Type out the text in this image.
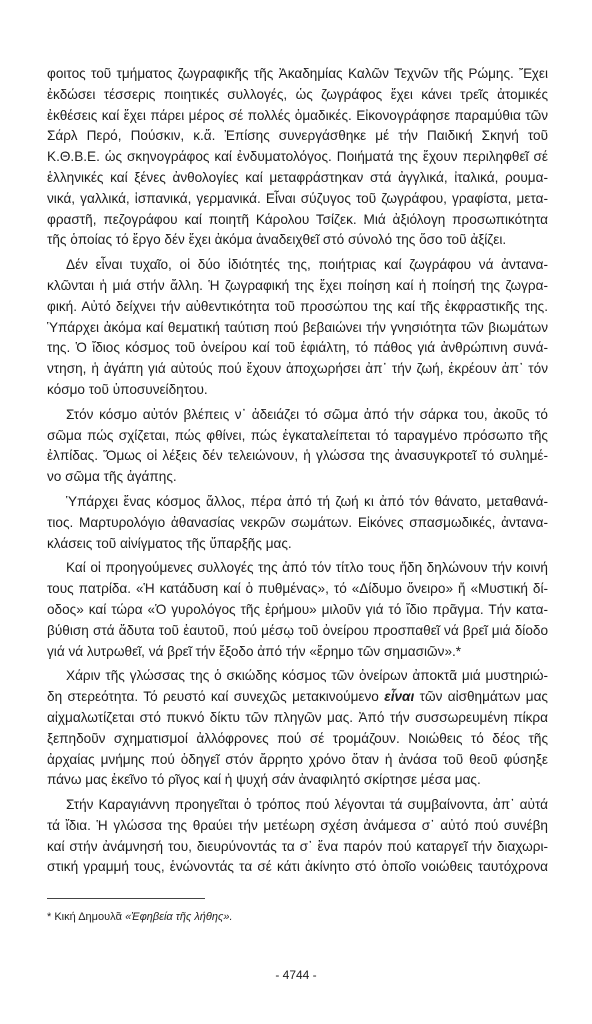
φοιτος τοῦ τμήματος ζωγραφικῆς τῆς Ἀκαδημίας Καλῶν Τεχνῶν τῆς Ρώμης. Ἔχει
ἐκδώσει τέσσερις ποιητικές συλλογές, ὡς ζωγράφος ἔχει κάνει τρεῖς ἀτομικές
ἐκθέσεις καί ἔχει πάρει μέρος σέ πολλές ὁμαδικές. Εἰκονογράφησε παραμύθια τῶν
Σάρλ Περό, Πούσκιν, κ.ἄ. Ἐπίσης συνεργάσθηκε μέ τήν Παιδική Σκηνή τοῦ
Κ.Θ.Β.Ε. ὡς σκηνογράφος καί ἐνδυματολόγος. Ποιήματά της ἔχουν περιληφθεῖ σέ
ἑλληνικές καί ξένες ἀνθολογίες καί μεταφράστηκαν στά ἀγγλικά, ἰταλικά, ρουμα-
νικά, γαλλικά, ἱσπανικά, γερμανικά. Εἶναι σύζυγος τοῦ ζωγράφου, γραφίστα, μετα-
φραστῆ, πεζογράφου καί ποιητῆ Κάρολου Τσίζεκ. Μιά ἀξιόλογη προσωπικότητα
τῆς ὁποίας τό ἔργο δέν ἔχει ἀκόμα ἀναδειχθεῖ στό σύνολό της ὅσο τοῦ ἀξίζει.
Δέν εἶναι τυχαῖο, οἱ δύο ἰδιότητές της, ποιήτριας καί ζωγράφου νά ἀντανα-
κλῶνται ἡ μιά στήν ἄλλη. Ἡ ζωγραφική της ἔχει ποίηση καί ἡ ποίησή της ζωγρα-
φική. Αὐτό δείχνει τήν αὐθεντικότητα τοῦ προσώπου της καί τῆς ἐκφραστικῆς της.
Ὑπάρχει ἀκόμα καί θεματική ταύτιση πού βεβαιώνει τήν γνησιότητα τῶν βιωμάτων
της. Ὁ ἴδιος κόσμος τοῦ ὀνείρου καί τοῦ ἐφιάλτη, τό πάθος γιά ἀνθρώπινη συνά-
ντηση, ἡ ἀγάπη γιά αὐτούς πού ἔχουν ἀποχωρήσει ἀπ᾽ τήν ζωή, ἐκρέουν ἀπ᾽ τόν
κόσμο τοῦ ὑποσυνείδητου.
Στόν κόσμο αὐτόν βλέπεις ν᾽ ἀδειάζει τό σῶμα ἀπό τήν σάρκα του, ἀκοῦς τό
σῶμα πώς σχίζεται, πώς φθίνει, πώς ἐγκαταλείπεται τό ταραγμένο πρόσωπο τῆς
ἐλπίδας. Ὅμως οἱ λέξεις δέν τελειώνουν, ἡ γλώσσα της ἀνασυγκροτεῖ τό συλημέ-
νο σῶμα τῆς ἀγάπης.
Ὑπάρχει ἕνας κόσμος ἄλλος, πέρα ἀπό τή ζωή κι ἀπό τόν θάνατο, μεταθανά-
τιος. Μαρτυρολόγιο ἀθανασίας νεκρῶν σωμάτων. Εἰκόνες σπασμωδικές, ἀντανα-
κλάσεις τοῦ αἰνίγματος τῆς ὕπαρξῆς μας.
Καί οἱ προηγούμενες συλλογές της ἀπό τόν τίτλο τους ἤδη δηλώνουν τήν κοινή
τους πατρίδα. «Ἡ κατάδυση καί ὁ πυθμένας», τό «Δίδυμο ὄνειρο» ἤ «Μυστική δί-
οδος» καί τώρα «Ὁ γυρολόγος τῆς ἐρήμου» μιλοῦν γιά τό ἴδιο πρᾶγμα. Τήν κατα-
βύθιση στά ἄδυτα τοῦ ἑαυτοῦ, πού μέσῳ τοῦ ὀνείρου προσπαθεῖ νά βρεῖ μιά δίοδο
γιά νά λυτρωθεῖ, νά βρεῖ τήν ἔξοδο ἀπό τήν «ἔρημο τῶν σημασιῶν».*
Χάριν τῆς γλώσσας της ὁ σκιώδης κόσμος τῶν ὀνείρων ἀποκτᾶ μιά μυστηριώ-
δη στερεότητα. Τό ρευστό καί συνεχῶς μετακινούμενο εἶναι τῶν αἰσθημάτων μας
αἰχμαλωτίζεται στό πυκνό δίκτυ τῶν πληγῶν μας. Ἀπό τήν συσσωρευμένη πίκρα
ξεπηδοῦν σχηματισμοί ἀλλόφρονες πού σέ τρομάζουν. Νοιώθεις τό δέος τῆς
ἀρχαίας μνήμης πού ὁδηγεῖ στόν ἄρρητο χρόνο ὅταν ἡ ἀνάσα τοῦ θεοῦ φύσηξε
πάνω μας ἐκεῖνο τό ρῖγος καί ἡ ψυχή σάν ἀναφιλητό σκίρτησε μέσα μας.
Στήν Καραγιάννη προηγεῖται ὁ τρόπος πού λέγονται τά συμβαίνοντα, ἀπ᾽ αὐτά
τά ἴδια. Ἡ γλώσσα της θραύει τήν μετέωρη σχέση ἀνάμεσα σ᾽ αὐτό πού συνέβη
καί στήν ἀνάμνησή του, διευρύνοντάς τα σ᾽ ἕνα παρόν πού καταργεῖ τήν διαχωρι-
στική γραμμή τους, ἑνώνοντάς τα σέ κάτι ἀκίνητο στό ὁποῖο νοιώθεις ταυτόχρονα
* Κική Δημουλᾶ «Ἐφηβεία τῆς λήθης».
- 4744 -
